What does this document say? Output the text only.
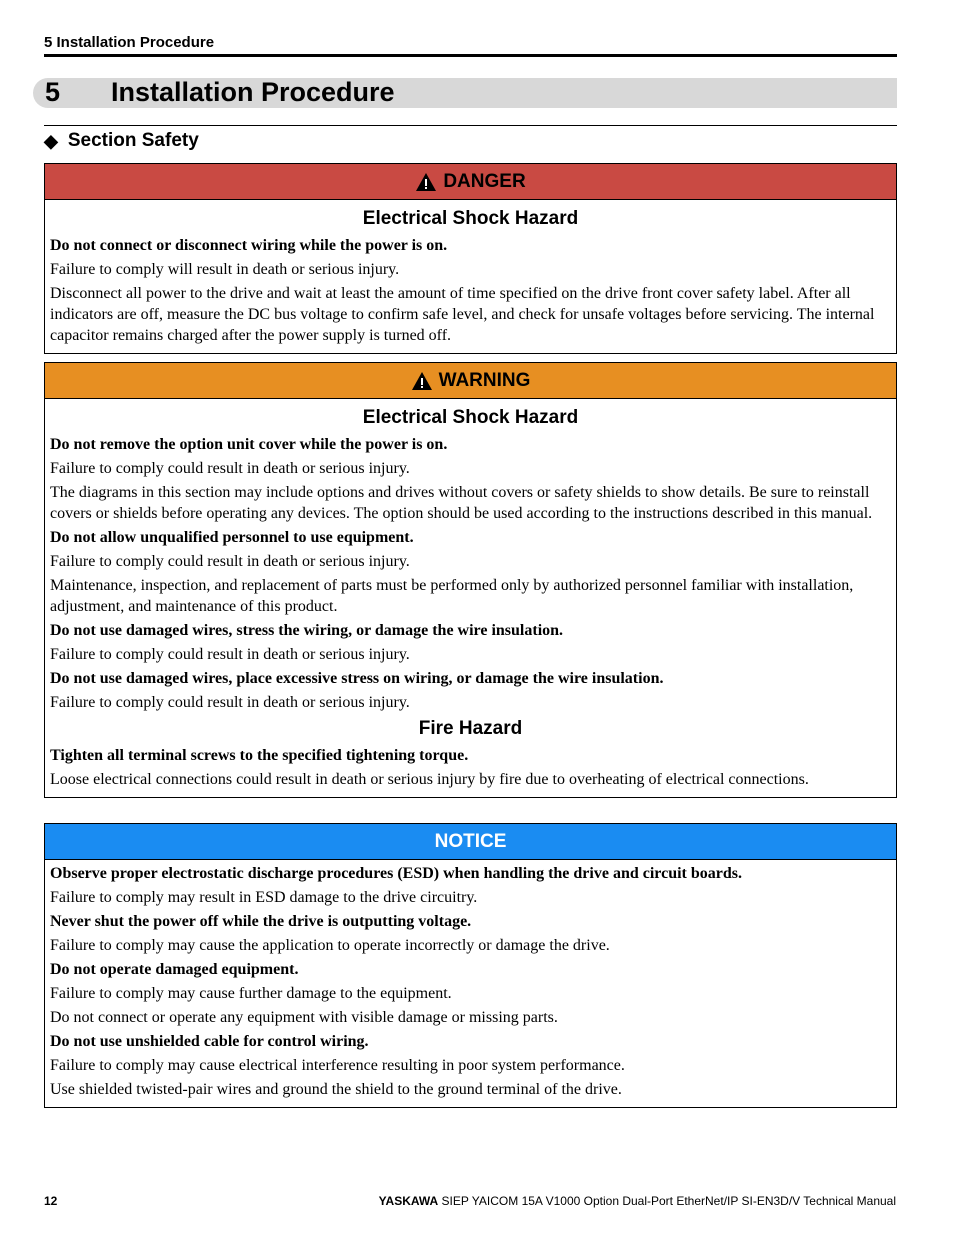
5 Installation Procedure
5 Installation Procedure
◆ Section Safety
DANGER
Electrical Shock Hazard
Do not connect or disconnect wiring while the power is on.
Failure to comply will result in death or serious injury.
Disconnect all power to the drive and wait at least the amount of time specified on the drive front cover safety label. After all indicators are off, measure the DC bus voltage to confirm safe level, and check for unsafe voltages before servicing. The internal capacitor remains charged after the power supply is turned off.
WARNING
Electrical Shock Hazard
Do not remove the option unit cover while the power is on.
Failure to comply could result in death or serious injury.
The diagrams in this section may include options and drives without covers or safety shields to show details. Be sure to reinstall covers or shields before operating any devices. The option should be used according to the instructions described in this manual.
Do not allow unqualified personnel to use equipment.
Failure to comply could result in death or serious injury.
Maintenance, inspection, and replacement of parts must be performed only by authorized personnel familiar with installation, adjustment, and maintenance of this product.
Do not use damaged wires, stress the wiring, or damage the wire insulation.
Failure to comply could result in death or serious injury.
Do not use damaged wires, place excessive stress on wiring, or damage the wire insulation.
Failure to comply could result in death or serious injury.
Fire Hazard
Tighten all terminal screws to the specified tightening torque.
Loose electrical connections could result in death or serious injury by fire due to overheating of electrical connections.
NOTICE
Observe proper electrostatic discharge procedures (ESD) when handling the drive and circuit boards.
Failure to comply may result in ESD damage to the drive circuitry.
Never shut the power off while the drive is outputting voltage.
Failure to comply may cause the application to operate incorrectly or damage the drive.
Do not operate damaged equipment.
Failure to comply may cause further damage to the equipment.
Do not connect or operate any equipment with visible damage or missing parts.
Do not use unshielded cable for control wiring.
Failure to comply may cause electrical interference resulting in poor system performance.
Use shielded twisted-pair wires and ground the shield to the ground terminal of the drive.
12	YASKAWA SIEP YAICOM 15A V1000 Option Dual-Port EtherNet/IP SI-EN3D/V Technical Manual
